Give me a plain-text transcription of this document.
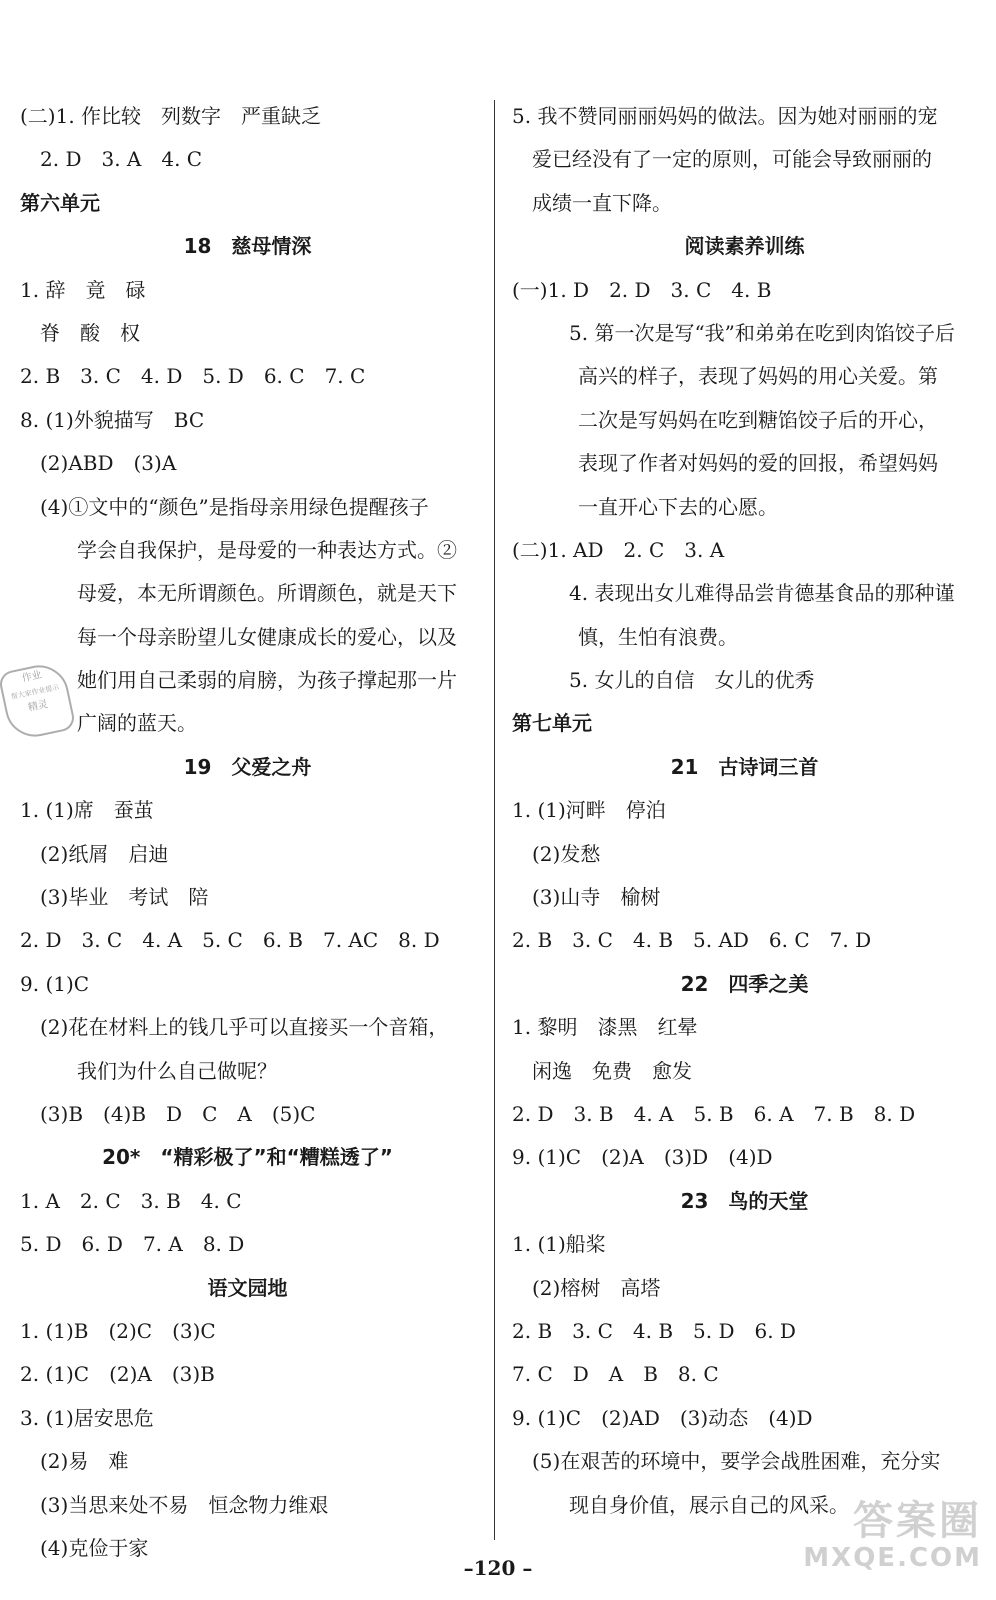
(二)1. 作比较　列数字　严重缺乏
2. D　3. A　4. C
第六单元
18　慈母情深
1. 辞　竟　碌
脊　酸　权
2. B　3. C　4. D　5. D　6. C　7. C
8. (1)外貌描写　BC
(2)ABD　(3)A
(4)①文中的“颜色”是指母亲用绿色提醒孩子
学会自我保护，是母爱的一种表达方式。②
母爱，本无所谓颜色。所谓颜色，就是天下
每一个母亲盼望儿女健康成长的爱心，以及
她们用自己柔弱的肩膀，为孩子撑起那一片
广阔的蓝天。
19　父爱之舟
1. (1)席　蚕茧
(2)纸屑　启迪
(3)毕业　考试　陪
2. D　3. C　4. A　5. C　6. B　7. AC　8. D
9. (1)C
(2)花在材料上的钱几乎可以直接买一个音箱，
我们为什么自己做呢？
(3)B　(4)B　D　C　A　(5)C
20*　“精彩极了”和“糟糕透了”
1. A　2. C　3. B　4. C
5. D　6. D　7. A　8. D
语文园地
1. (1)B　(2)C　(3)C
2. (1)C　(2)A　(3)B
3. (1)居安思危
(2)易　难
(3)当思来处不易　恒念物力维艰
(4)克俭于家
5. 我不赞同丽丽妈妈的做法。因为她对丽丽的宠
爱已经没有了一定的原则，可能会导致丽丽的
成绩一直下降。
阅读素养训练
(一)1. D　2. D　3. C　4. B
5. 第一次是写“我”和弟弟在吃到肉馅饺子后
高兴的样子，表现了妈妈的用心关爱。第
二次是写妈妈在吃到糖馅饺子后的开心，
表现了作者对妈妈的爱的回报，希望妈妈
一直开心下去的心愿。
(二)1. AD　2. C　3. A
4. 表现出女儿难得品尝肯德基食品的那种谨
慎，生怕有浪费。
5. 女儿的自信　女儿的优秀
第七单元
21　古诗词三首
1. (1)河畔　停泊
(2)发愁
(3)山寺　榆树
2. B　3. C　4. B　5. AD　6. C　7. D
22　四季之美
1. 黎明　漆黑　红晕
闲逸　免费　愈发
2. D　3. B　4. A　5. B　6. A　7. B　8. D
9. (1)C　(2)A　(3)D　(4)D
23　鸟的天堂
1. (1)船桨
(2)榕树　高塔
2. B　3. C　4. B　5. D　6. D
7. C　D　A　B　8. C
9. (1)C　(2)AD　(3)动态　(4)D
(5)在艰苦的环境中，要学会战胜困难，充分实
现自身价值，展示自己的风采。
作业
帮大家作业提示
精灵
–120 –
答案圈
MXQE.COM
